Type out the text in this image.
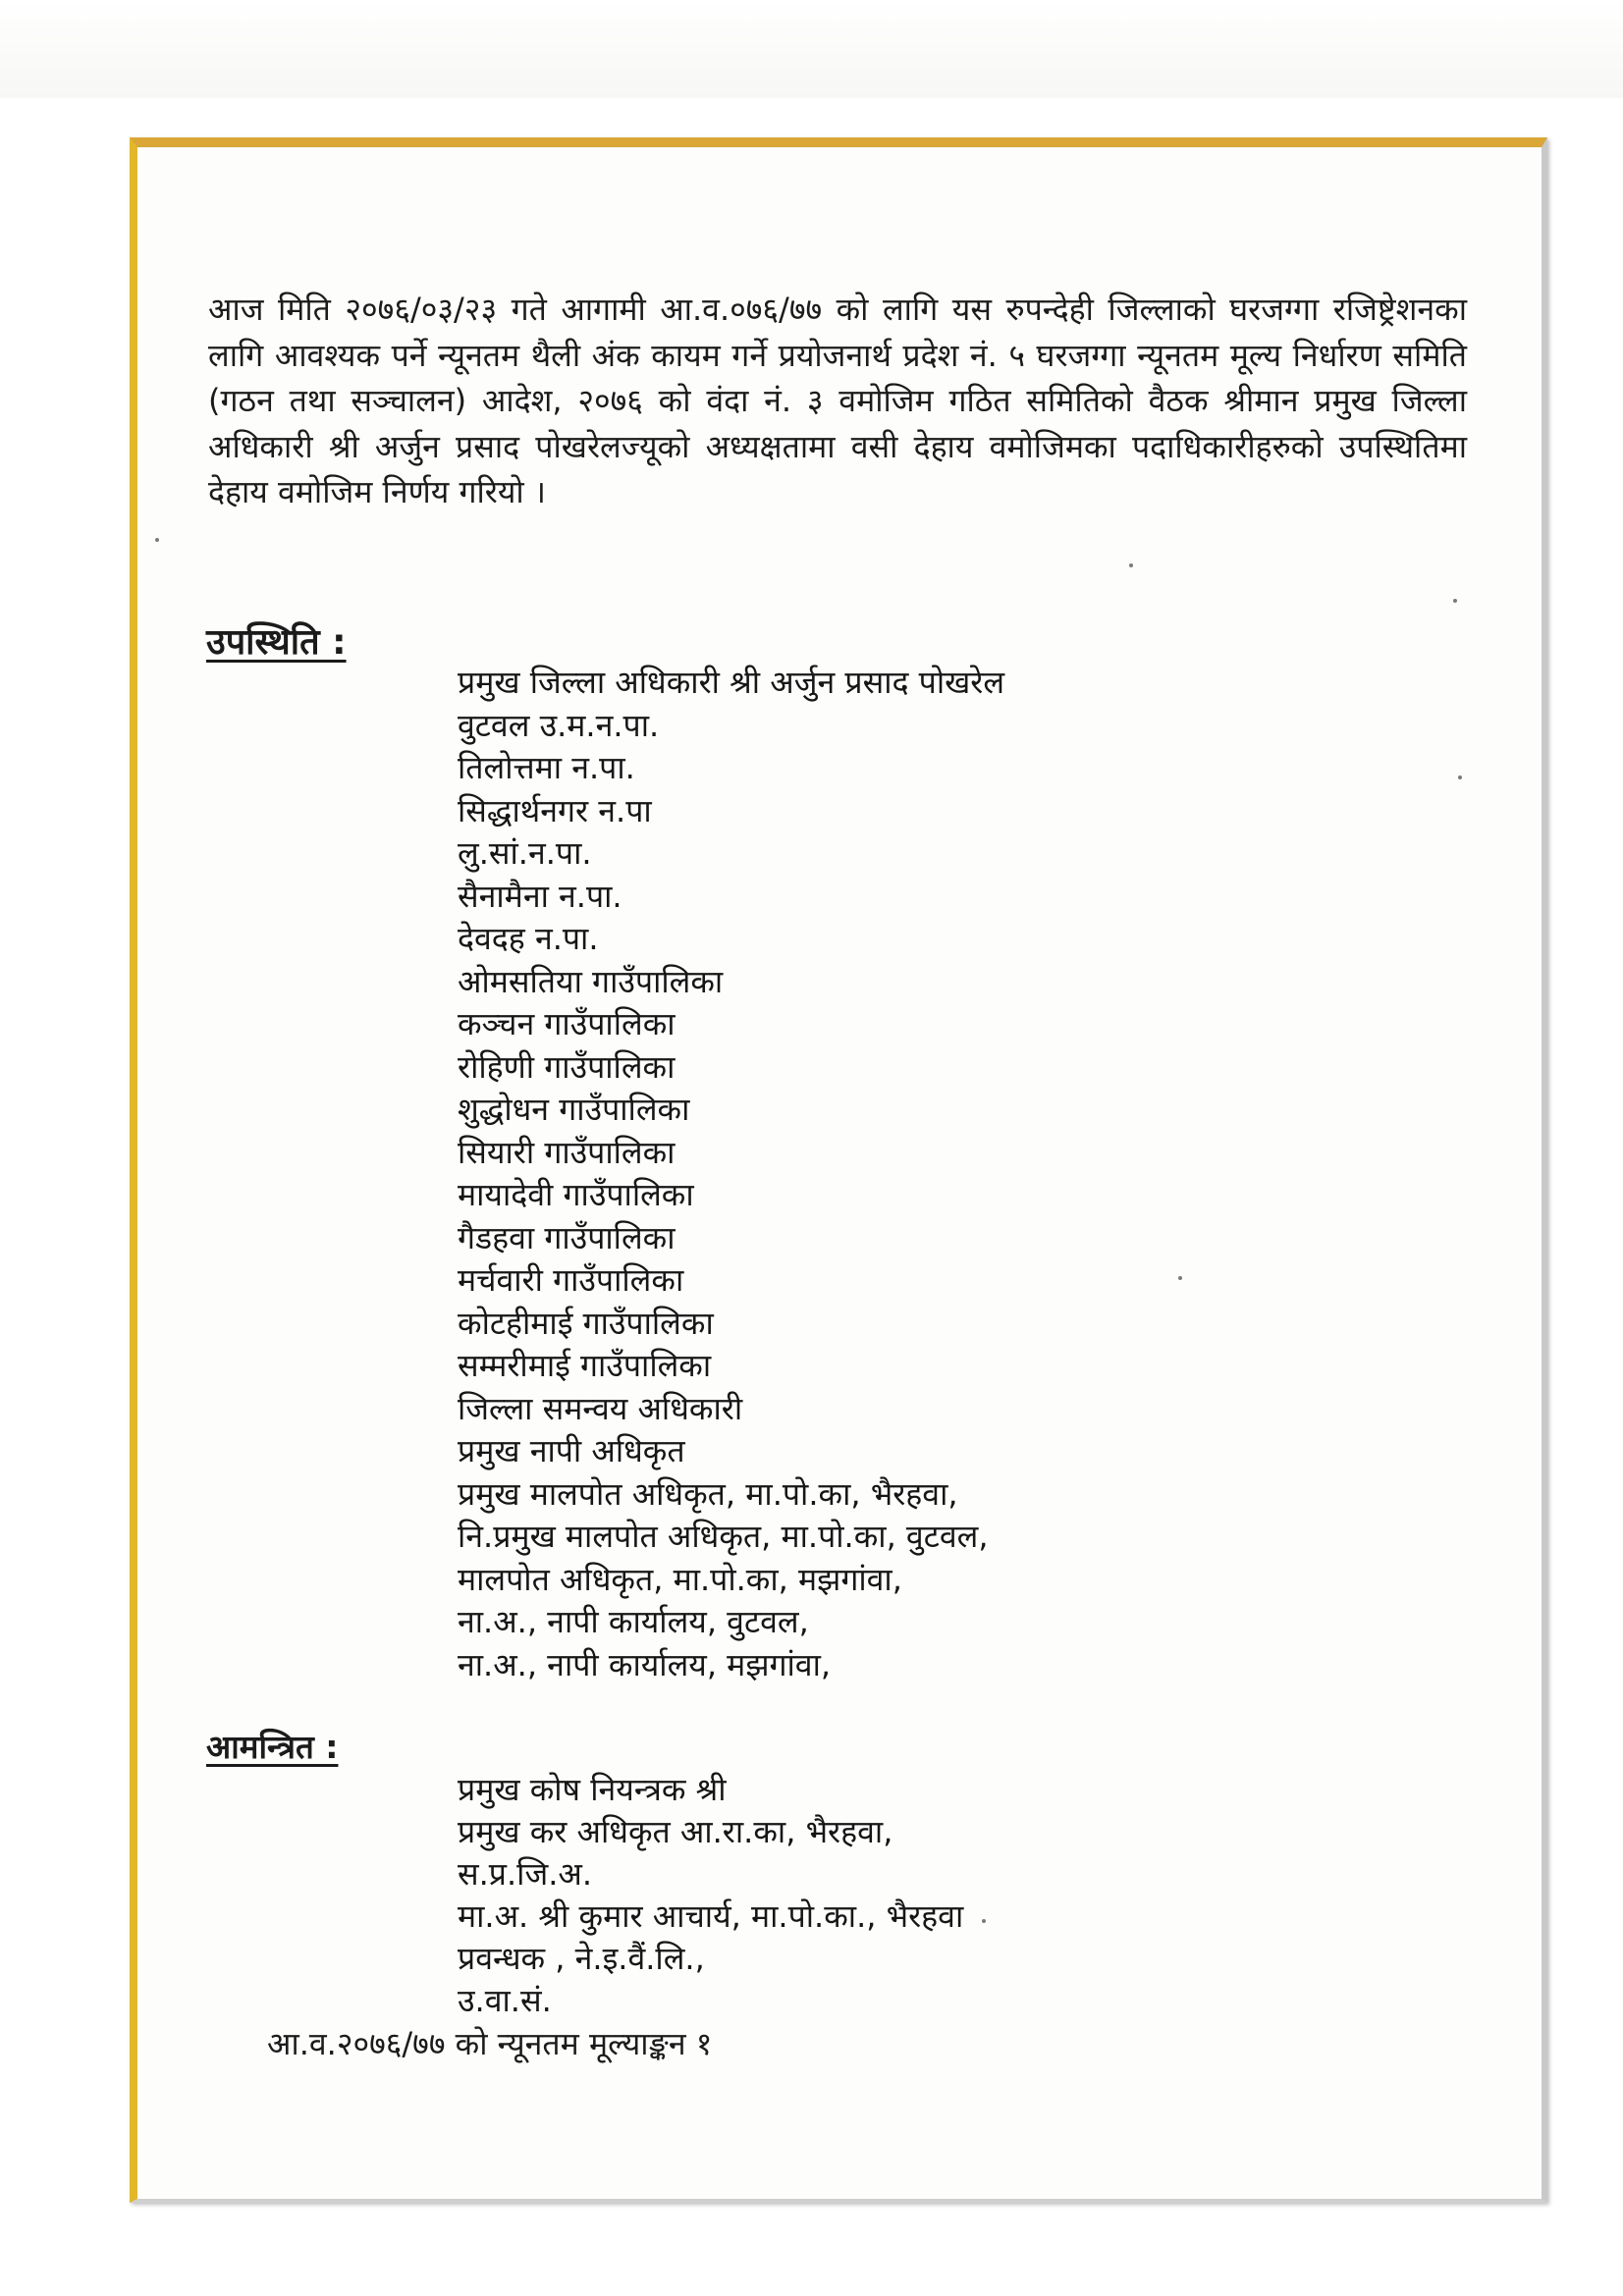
आज मिति २०७६/०३/२३ गते आगामी आ.व.०७६/७७ को लागि यस रुपन्देही जिल्लाको घरजग्गा रजिष्ट्रेशनका लागि आवश्यक पर्ने न्यूनतम थैली अंक कायम गर्ने प्रयोजनार्थ प्रदेश नं. ५ घरजग्गा न्यूनतम मूल्य निर्धारण समिति (गठन तथा सञ्चालन) आदेश, २०७६ को वंदा नं. ३ वमोजिम गठित समितिको वैठक श्रीमान प्रमुख जिल्ला अधिकारी श्री अर्जुन प्रसाद पोखरेलज्यूको अध्यक्षतामा वसी देहाय वमोजिमका पदाधिकारीहरुको उपस्थितिमा देहाय वमोजिम निर्णय गरियो ।

उपस्थिति :
प्रमुख जिल्ला अधिकारी श्री अर्जुन प्रसाद पोखरेल
वुटवल उ.म.न.पा.
तिलोत्तमा न.पा.
सिद्धार्थनगर न.पा
लु.सां.न.पा.
सैनामैना न.पा.
देवदह न.पा.
ओमसतिया गाउँपालिका
कञ्चन गाउँपालिका
रोहिणी गाउँपालिका
शुद्धोधन गाउँपालिका
सियारी गाउँपालिका
मायादेवी गाउँपालिका
गैडहवा गाउँपालिका
मर्चवारी गाउँपालिका
कोटहीमाई गाउँपालिका
सम्मरीमाई गाउँपालिका
जिल्ला समन्वय अधिकारी
प्रमुख नापी अधिकृत
प्रमुख मालपोत अधिकृत, मा.पो.का, भैरहवा,
नि.प्रमुख मालपोत अधिकृत, मा.पो.का, वुटवल,
मालपोत अधिकृत, मा.पो.का, मझगांवा,
ना.अ., नापी कार्यालय, वुटवल,
ना.अ., नापी कार्यालय, मझगांवा,
आमन्त्रित :
प्रमुख कोष नियन्त्रक श्री
प्रमुख कर अधिकृत आ.रा.का, भैरहवा,
स.प्र.जि.अ.
मा.अ. श्री कुमार आचार्य, मा.पो.का., भैरहवा
प्रवन्धक , ने.इ.वैं.लि.,
उ.वा.सं.

आ.व.२०७६/७७ को न्यूनतम मूल्याङ्कन १
